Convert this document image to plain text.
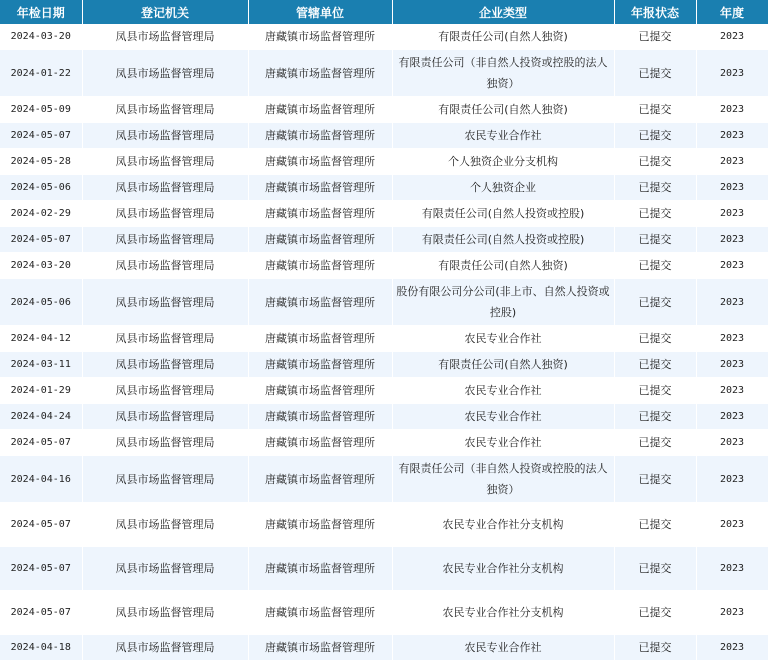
年检日期	登记机关	管辖单位	企业类型	年报状态	年度
2024-03-20	凤县市场监督管理局	唐藏镇市场监督管理所	有限责任公司(自然人独资)	已提交	2023
2024-01-22	凤县市场监督管理局	唐藏镇市场监督管理所	有限责任公司（非自然人投资或控股的法人独资）	已提交	2023
2024-05-09	凤县市场监督管理局	唐藏镇市场监督管理所	有限责任公司(自然人独资)	已提交	2023
2024-05-07	凤县市场监督管理局	唐藏镇市场监督管理所	农民专业合作社	已提交	2023
2024-05-28	凤县市场监督管理局	唐藏镇市场监督管理所	个人独资企业分支机构	已提交	2023
2024-05-06	凤县市场监督管理局	唐藏镇市场监督管理所	个人独资企业	已提交	2023
2024-02-29	凤县市场监督管理局	唐藏镇市场监督管理所	有限责任公司(自然人投资或控股)	已提交	2023
2024-05-07	凤县市场监督管理局	唐藏镇市场监督管理所	有限责任公司(自然人投资或控股)	已提交	2023
2024-03-20	凤县市场监督管理局	唐藏镇市场监督管理所	有限责任公司(自然人独资)	已提交	2023
2024-05-06	凤县市场监督管理局	唐藏镇市场监督管理所	股份有限公司分公司(非上市、自然人投资或控股)	已提交	2023
2024-04-12	凤县市场监督管理局	唐藏镇市场监督管理所	农民专业合作社	已提交	2023
2024-03-11	凤县市场监督管理局	唐藏镇市场监督管理所	有限责任公司(自然人独资)	已提交	2023
2024-01-29	凤县市场监督管理局	唐藏镇市场监督管理所	农民专业合作社	已提交	2023
2024-04-24	凤县市场监督管理局	唐藏镇市场监督管理所	农民专业合作社	已提交	2023
2024-05-07	凤县市场监督管理局	唐藏镇市场监督管理所	农民专业合作社	已提交	2023
2024-04-16	凤县市场监督管理局	唐藏镇市场监督管理所	有限责任公司（非自然人投资或控股的法人独资）	已提交	2023
2024-05-07	凤县市场监督管理局	唐藏镇市场监督管理所	农民专业合作社分支机构	已提交	2023
2024-05-07	凤县市场监督管理局	唐藏镇市场监督管理所	农民专业合作社分支机构	已提交	2023
2024-05-07	凤县市场监督管理局	唐藏镇市场监督管理所	农民专业合作社分支机构	已提交	2023
2024-04-18	凤县市场监督管理局	唐藏镇市场监督管理所	农民专业合作社	已提交	2023
